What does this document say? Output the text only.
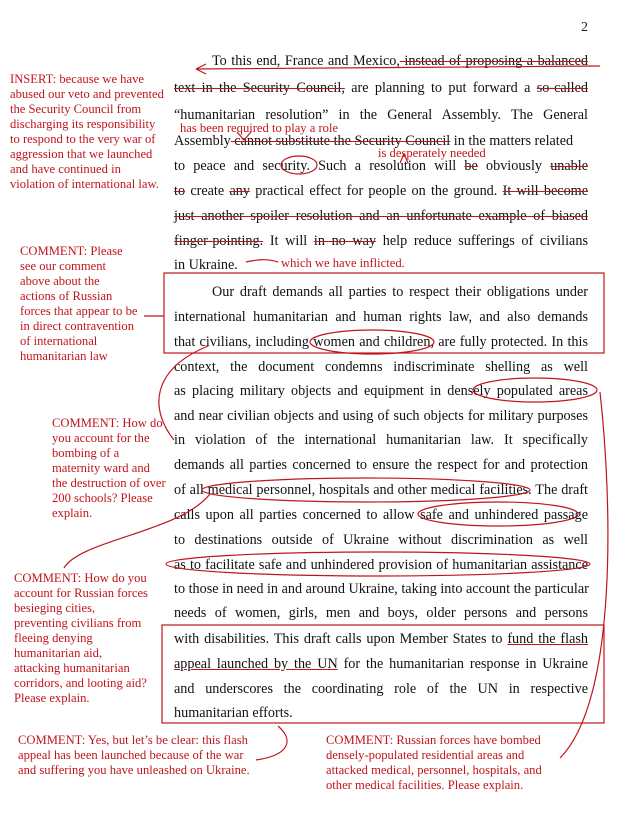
2
To this end, France and Mexico, instead of proposing a balanced
text in the Security Council, are planning to put forward a so-called
“humanitarian resolution” in the General Assembly. The General
Assembly cannot substitute the Security Council in the matters related
to peace and security. Such a resolution will be obviously unable
to create any practical effect for people on the ground. It will become
just another spoiler resolution and an unfortunate example of biased
finger-pointing. It will in no way help reduce sufferings of civilians
in Ukraine.
has been required to play a role
is desperately needed
which we have inflicted.
Our draft demands all parties to respect their obligations under
international humanitarian and human rights law, and also demands
that civilians, including women and children, are fully protected. In this
context, the document condemns indiscriminate shelling as well
as placing military objects and equipment in densely populated areas
and near civilian objects and using of such objects for military purposes
in violation of the international humanitarian law. It specifically
demands all parties concerned to ensure the respect for and protection
of all medical personnel, hospitals and other medical facilities. The draft
calls upon all parties concerned to allow safe and unhindered passage
to destinations outside of Ukraine without discrimination as well
as to facilitate safe and unhindered provision of humanitarian assistance
to those in need in and around Ukraine, taking into account the particular
needs of women, girls, men and boys, older persons and persons
with disabilities. This draft calls upon Member States to fund the flash
appeal launched by the UN for the humanitarian response in Ukraine
and underscores the coordinating role of the UN in respective
humanitarian efforts.
INSERT: because we have abused our veto and prevented the Security Council from discharging its responsibility to respond to the very war of aggression that we launched and have continued in violation of international law.
COMMENT: Please see our comment above about the actions of Russian forces that appear to be in direct contravention of international humanitarian law
COMMENT: How do you account for the bombing of a maternity ward and the destruction of over 200 schools? Please explain.
COMMENT: How do you account for Russian forces besieging cities, preventing civilians from fleeing denying humanitarian aid, attacking humanitarian corridors, and looting aid? Please explain.
COMMENT: Yes, but let’s be clear: this flash appeal has been launched because of the war and suffering you have unleashed on Ukraine.
COMMENT: Russian forces have bombed densely-populated residential areas and attacked medical, personnel, hospitals, and other medical facilities. Please explain.
